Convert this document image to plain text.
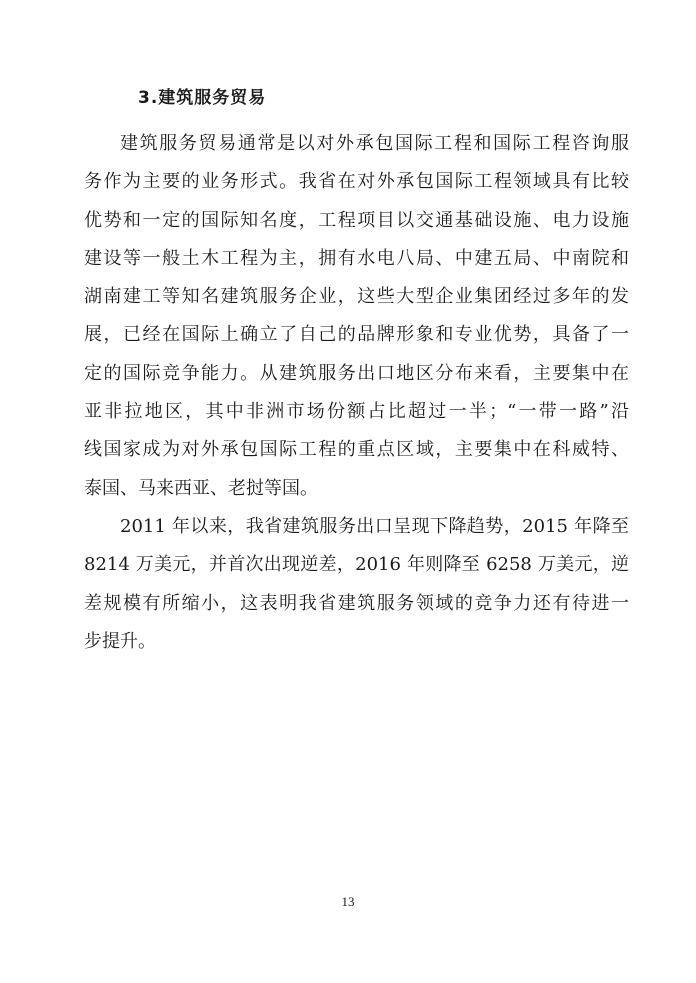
3.建筑服务贸易
建筑服务贸易通常是以对外承包国际工程和国际工程咨询服
务作为主要的业务形式。我省在对外承包国际工程领域具有比较
优势和一定的国际知名度，工程项目以交通基础设施、电力设施
建设等一般土木工程为主，拥有水电八局、中建五局、中南院和
湖南建工等知名建筑服务企业，这些大型企业集团经过多年的发
展，已经在国际上确立了自己的品牌形象和专业优势，具备了一
定的国际竞争能力。从建筑服务出口地区分布来看，主要集中在
亚非拉地区，其中非洲市场份额占比超过一半；“一带一路”沿
线国家成为对外承包国际工程的重点区域，主要集中在科威特、
泰国、马来西亚、老挝等国。
2011 年以来，我省建筑服务出口呈现下降趋势，2015 年降至
8214 万美元，并首次出现逆差，2016 年则降至 6258 万美元，逆
差规模有所缩小，这表明我省建筑服务领域的竞争力还有待进一
步提升。
13
